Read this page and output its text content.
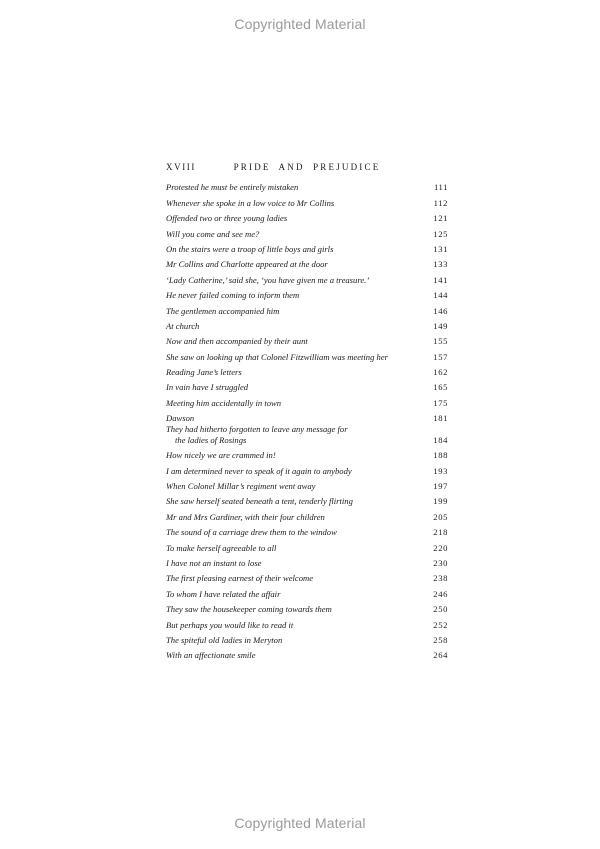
Copyrighted Material
XVIII	PRIDE AND PREJUDICE
Protested he must be entirely mistaken	111
Whenever she spoke in a low voice to Mr Collins	112
Offended two or three young ladies	121
Will you come and see me?	125
On the stairs were a troop of little boys and girls	131
Mr Collins and Charlotte appeared at the door	133
‘Lady Catherine,’ said she, ‘you have given me a treasure.’	141
He never failed coming to inform them	144
The gentlemen accompanied him	146
At church	149
Now and then accompanied by their aunt	155
She saw on looking up that Colonel Fitzwilliam was meeting her	157
Reading Jane’s letters	162
In vain have I struggled	165
Meeting him accidentally in town	175
Dawson	181
They had hitherto forgotten to leave any message for
the ladies of Rosings	184
How nicely we are crammed in!	188
I am determined never to speak of it again to anybody	193
When Colonel Millar’s regiment went away	197
She saw herself seated beneath a tent, tenderly flirting	199
Mr and Mrs Gardiner, with their four children	205
The sound of a carriage drew them to the window	218
To make herself agreeable to all	220
I have not an instant to lose	230
The first pleasing earnest of their welcome	238
To whom I have related the affair	246
They saw the housekeeper coming towards them	250
But perhaps you would like to read it	252
The spiteful old ladies in Meryton	258
With an affectionate smile	264
Copyrighted Material
